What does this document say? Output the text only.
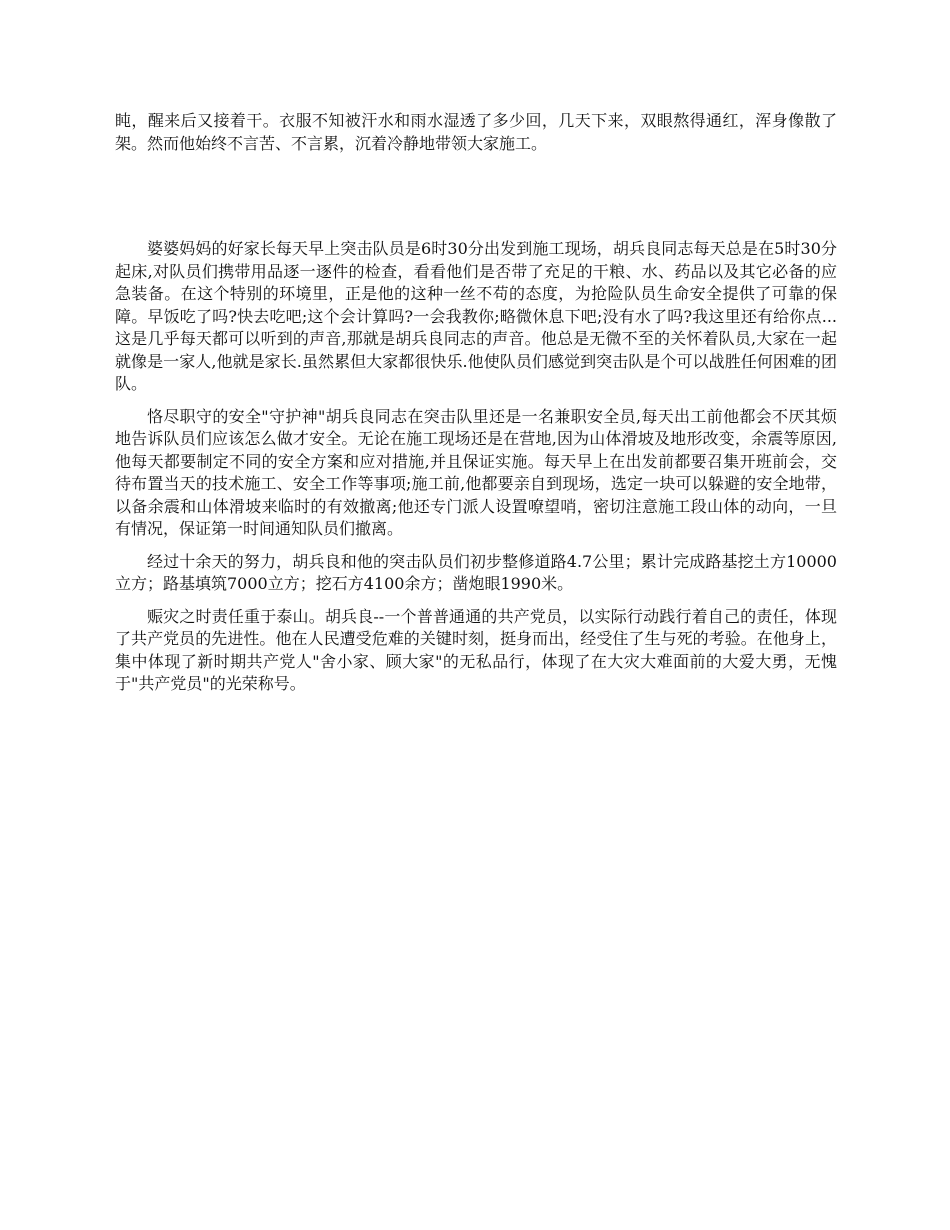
盹，醒来后又接着干。衣服不知被汗水和雨水湿透了多少回，几天下来，双眼熬得通红，浑身像散了架。然而他始终不言苦、不言累，沉着冷静地带领大家施工。

婆婆妈妈的好家长每天早上突击队员是6时30分出发到施工现场，胡兵良同志每天总是在5时30分起床,对队员们携带用品逐一逐件的检查，看看他们是否带了充足的干粮、水、药品以及其它必备的应急装备。在这个特别的环境里，正是他的这种一丝不苟的态度，为抢险队员生命安全提供了可靠的保障。早饭吃了吗?快去吃吧;这个会计算吗?一会我教你;略微休息下吧;没有水了吗?我这里还有给你点...这是几乎每天都可以听到的声音,那就是胡兵良同志的声音。他总是无微不至的关怀着队员,大家在一起就像是一家人,他就是家长.虽然累但大家都很快乐.他使队员们感觉到突击队是个可以战胜任何困难的团队。

恪尽职守的安全"守护神"胡兵良同志在突击队里还是一名兼职安全员,每天出工前他都会不厌其烦地告诉队员们应该怎么做才安全。无论在施工现场还是在营地,因为山体滑坡及地形改变，余震等原因,他每天都要制定不同的安全方案和应对措施,并且保证实施。每天早上在出发前都要召集开班前会，交待布置当天的技术施工、安全工作等事项;施工前,他都要亲自到现场，选定一块可以躲避的安全地带，以备余震和山体滑坡来临时的有效撤离;他还专门派人设置嘹望哨，密切注意施工段山体的动向，一旦有情况，保证第一时间通知队员们撤离。

经过十余天的努力，胡兵良和他的突击队员们初步整修道路4.7公里；累计完成路基挖土方10000立方；路基填筑7000立方；挖石方4100余方；凿炮眼1990米。

赈灾之时责任重于泰山。胡兵良--一个普普通通的共产党员，以实际行动践行着自己的责任，体现了共产党员的先进性。他在人民遭受危难的关键时刻，挺身而出，经受住了生与死的考验。在他身上，集中体现了新时期共产党人"舍小家、顾大家"的无私品行，体现了在大灾大难面前的大爱大勇，无愧于"共产党员"的光荣称号。
